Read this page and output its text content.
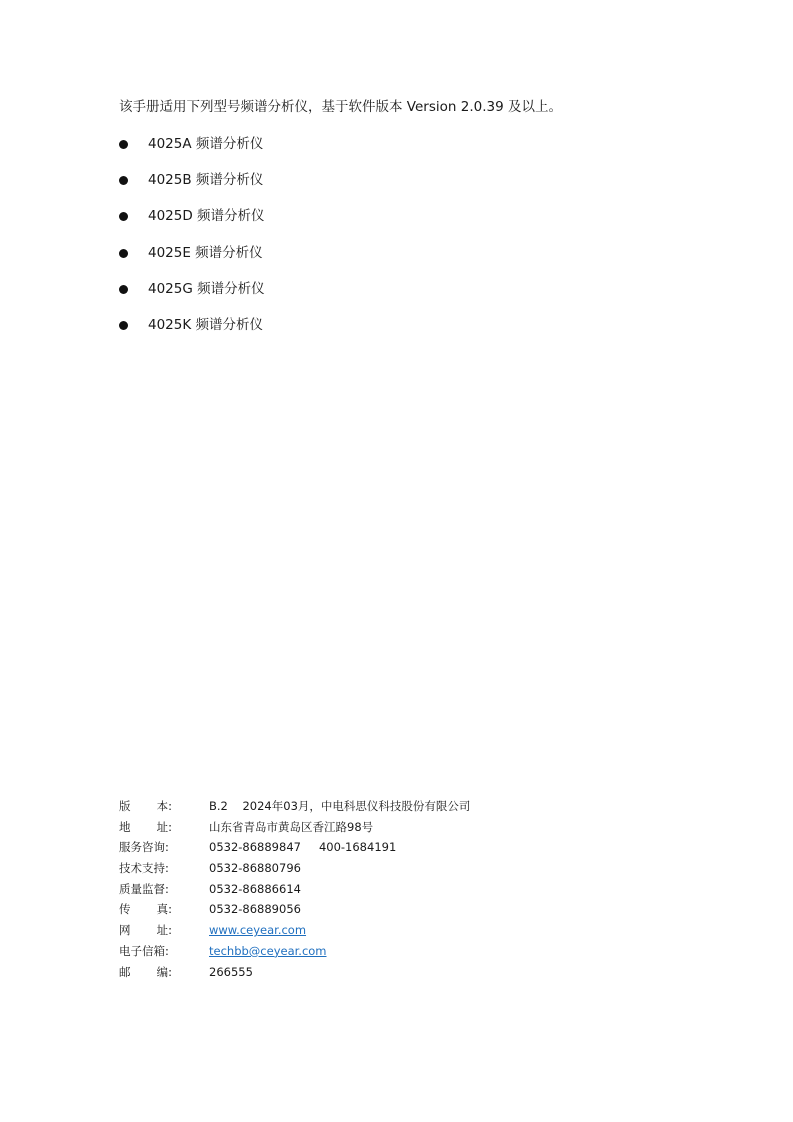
该手册适用下列型号频谱分析仪，基于软件版本 Version 2.0.39 及以上。
4025A 频谱分析仪
4025B 频谱分析仪
4025D 频谱分析仪
4025E 频谱分析仪
4025G 频谱分析仪
4025K 频谱分析仪
版 本:	B.2    2024年03月，中电科思仪科技股份有限公司
地 址:	山东省青岛市黄岛区香江路98号
服务咨询:	0532-86889847 400-1684191
技术支持:	0532-86880796
质量监督:	0532-86886614
传 真:	0532-86889056
网 址:	www.ceyear.com
电子信箱:	techbb@ceyear.com
邮 编:	266555
